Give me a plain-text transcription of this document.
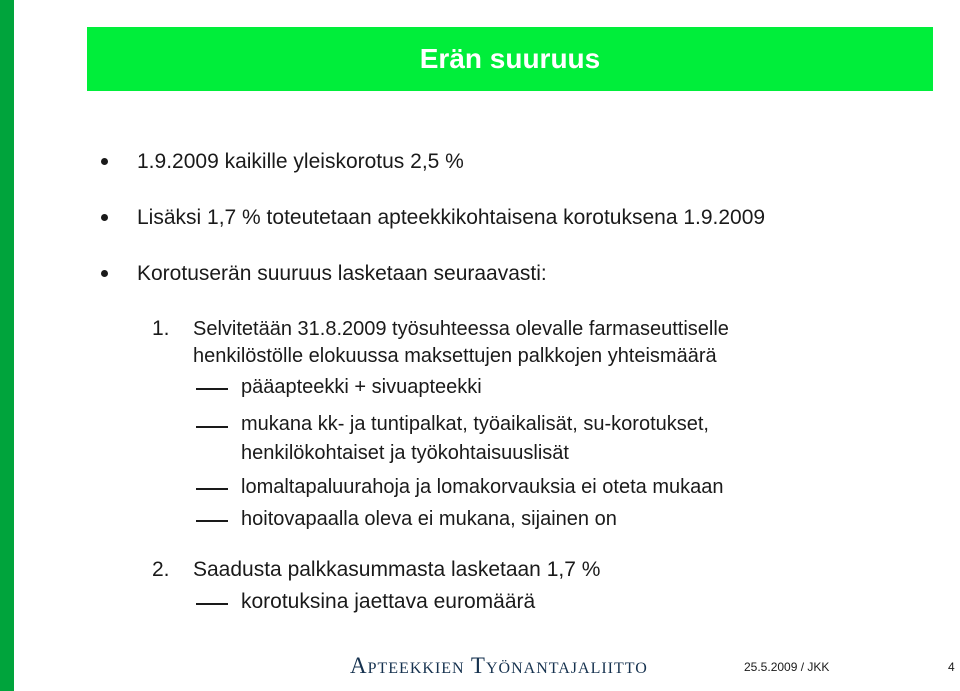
Erän suuruus
1.9.2009 kaikille yleiskorotus 2,5 %
Lisäksi 1,7 % toteutetaan apteekkikohtaisena korotuksena 1.9.2009
Korotuserän suuruus lasketaan seuraavasti:
1. Selvitetään 31.8.2009 työsuhteessa olevalle farmaseuttiselle
henkilöstölle elokuussa maksettujen palkkojen yhteismäärä
pääapteekki + sivuapteekki
mukana kk- ja tuntipalkat, työaikalisät, su-korotukset,
henkilökohtaiset ja työkohtaisuuslisät
lomaltapaluurahoja ja lomakorvauksia ei oteta mukaan
hoitovapaalla oleva ei mukana, sijainen on
2. Saadusta palkkasummasta lasketaan 1,7 %
korotuksina jaettava euromäärä
Apteekkien Työnantajaliitto	25.5.2009 / JKK	4
